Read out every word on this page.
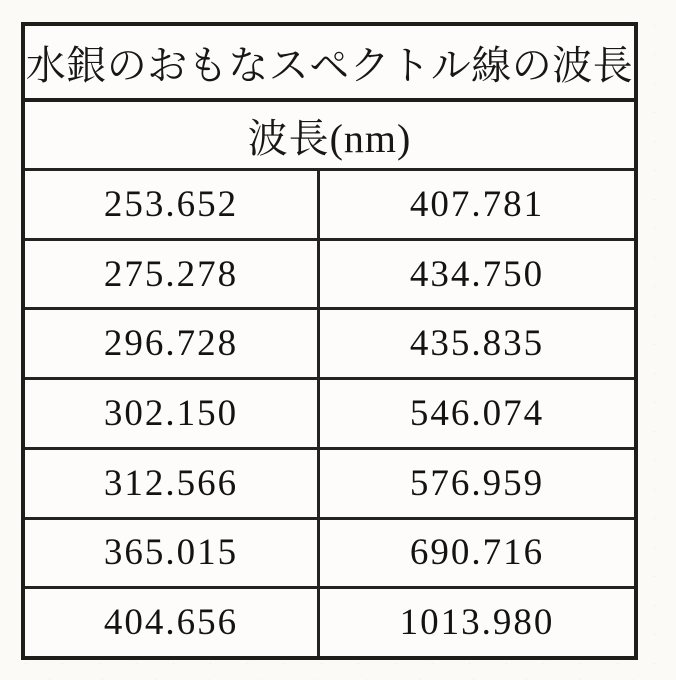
水銀のおもなスペクトル線の波長
波長(nm)
253.652	407.781
275.278	434.750
296.728	435.835
302.150	546.074
312.566	576.959
365.015	690.716
404.656	1013.980
